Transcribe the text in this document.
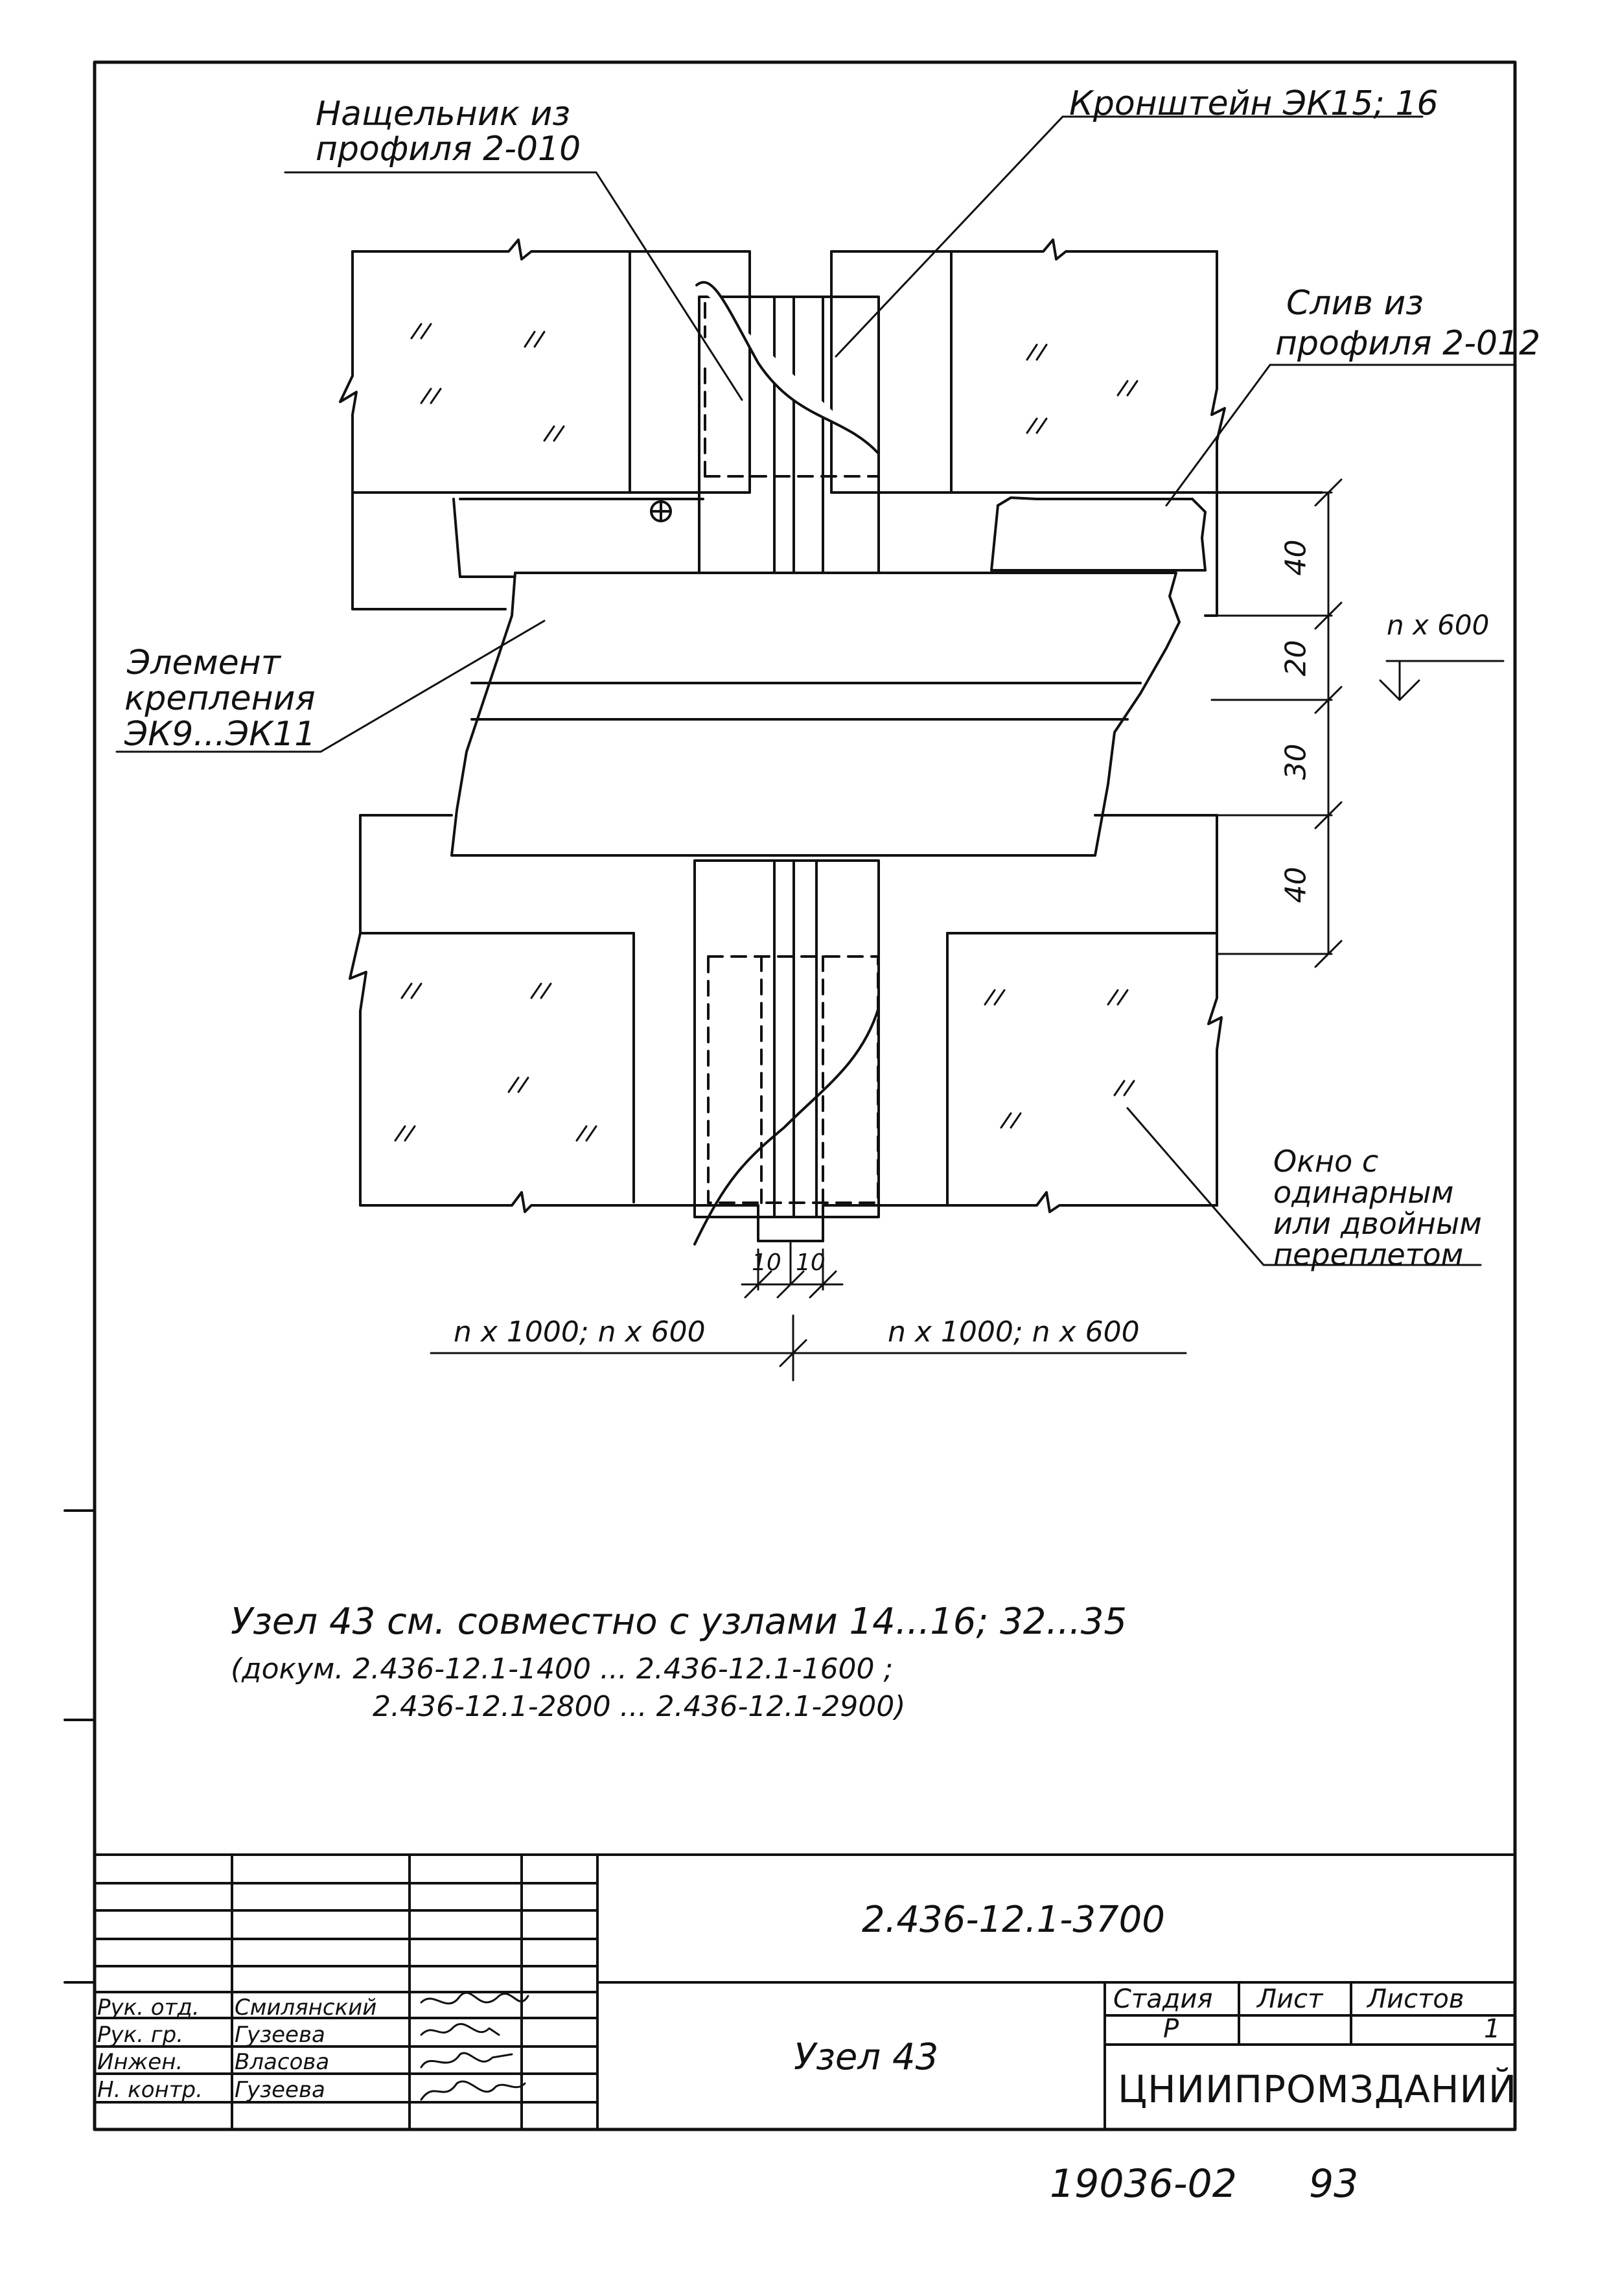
Нащельник из
профиля 2-010
Кронштейн ЭК15; 16
Слив из
профиля 2-012
Элемент
крепления
ЭК9...ЭК11
Окно с
одинарным
или двойным
переплетом
40
20
30
40
n x 600
10 10
n x 1000; n x 600	n x 1000; n x 600
Узел 43 см. совместно с узлами 14...16; 32...35
(докум. 2.436-12.1-1400 ... 2.436-12.1-1600 ;
2.436-12.1-2800 ... 2.436-12.1-2900)
2.436-12.1-3700
Узел 43
Стадия Лист Листов
Р	1
ЦНИИПРОМЗДАНИЙ
Рук. отд. Смилянский
Рук. гр. Гузеева
Инжен. Власова
Н. контр. Гузеева
19036-02 93
